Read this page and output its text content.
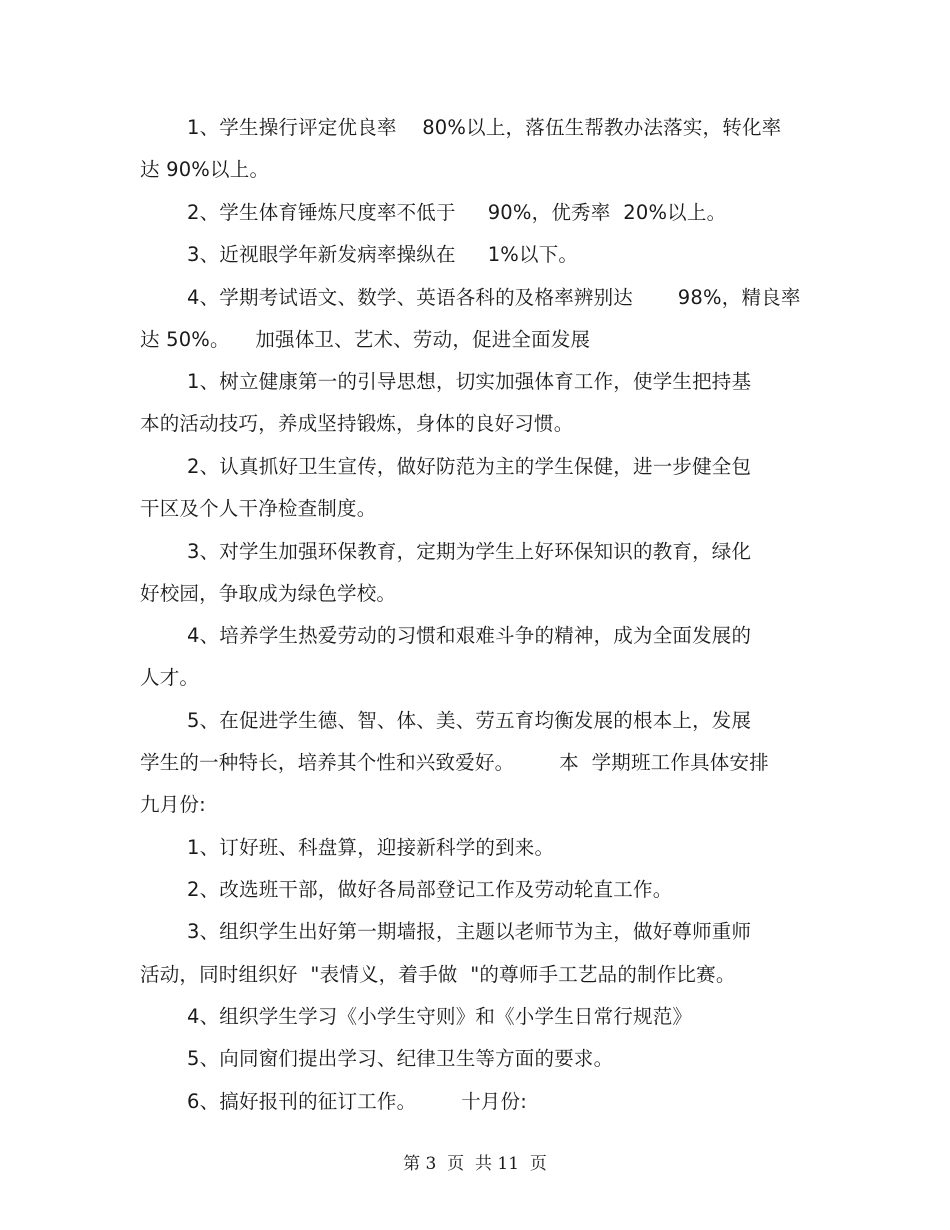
1、学生操行评定优良率    80%以上，落伍生帮教办法落实，转化率

达 90%以上。

2、学生体育锤炼尺度率不低于     90%，优秀率  20%以上。

3、近视眼学年新发病率操纵在     1%以下。

4、学期考试语文、数学、英语各科的及格率辨别达       98%，精良率

达 50%。    加强体卫、艺术、劳动，促进全面发展

1、树立健康第一的引导思想，切实加强体育工作，使学生把持基

本的活动技巧，养成坚持锻炼，身体的良好习惯。

2、认真抓好卫生宣传，做好防范为主的学生保健，进一步健全包

干区及个人干净检查制度。

3、对学生加强环保教育，定期为学生上好环保知识的教育，绿化

好校园，争取成为绿色学校。

4、培养学生热爱劳动的习惯和艰难斗争的精神，成为全面发展的

人才。

5、在促进学生德、智、体、美、劳五育均衡发展的根本上，发展

学生的一种特长，培养其个性和兴致爱好。       本  学期班工作具体安排

九月份:

1、订好班、科盘算，迎接新科学的到来。

2、改选班干部，做好各局部登记工作及劳动轮直工作。

3、组织学生出好第一期墙报，主题以老师节为主，做好尊师重师

活动，同时组织好  "表情义，着手做  "的尊师手工艺品的制作比赛。

4、组织学生学习《小学生守则》和《小学生日常行规范》

5、向同窗们提出学习、纪律卫生等方面的要求。

6、搞好报刊的征订工作。       十月份:

第 3  页  共 11  页
